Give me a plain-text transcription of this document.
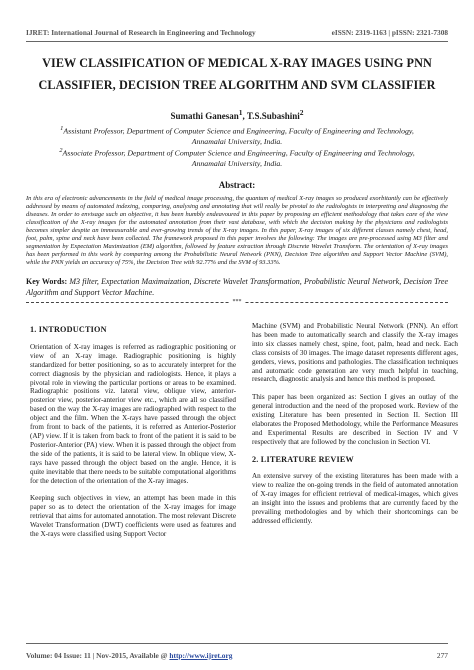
IJRET: International Journal of Research in Engineering and Technology	eISSN: 2319-1163 | pISSN: 2321-7308
VIEW CLASSIFICATION OF MEDICAL X-RAY IMAGES USING PNN
CLASSIFIER, DECISION TREE ALGORITHM AND SVM CLASSIFIER
Sumathi Ganesan$^1$, T.S.Subashini$^2$
$^1$Assistant Professor, Department of Computer Science and Engineering, Faculty of Engineering and Technology,
Annamalai University, India.
$^2$Associate Professor, Department of Computer Science and Engineering, Faculty of Engineering and Technology,
Annamalai University, India.
Abstract:
In this era of electronic advancements in the field of medical image processing, the quantum of medical X-ray images so produced exorbitantly can be effectively addressed by means of automated indexing, comparing, analysing and annotating that will really be pivotal to the radiologists in interpreting and diagnosing the diseases. In order to envisage such an objective, it has been humbly endeavoured in this paper by proposing an efficient methodology that takes care of the view classification of the X-ray images for the automated annotation from their vast database, with which the decision making by the physicians and radiologists becomes simpler despite an immeasurable and ever-growing trends of the X-ray images. In this paper, X-ray images of six different classes namely chest, head, foot, palm, spine and neck have been collected. The framework proposed in this paper involves the following: The images are pre-processed using M3 filter and segmentation by Expectation Maximization (EM) algorithm, followed by feature extraction through Discrete Wavelet Transform. The orientation of X-ray images has been performed in this work by comparing among the Probabilistic Neural Network (PNN), Decision Tree algorithm and Support Vector Machine (SVM), while the PNN yields an accuracy of 75%, the Decision Tree with 92.77% and the SVM of 93.33%.
Key Words: M3 filter, Expectation Maximaization, Discrete Wavelet Transformation, Probabilistic Neural Network, Decision Tree Algorithm and Support Vector Machine.
***
1. INTRODUCTION

Orientation of X-ray images is referred as radiographic positioning or view of an X-ray image. Radiographic positioning is highly standardized for better positioning, so as to accurately interpret for the correct diagnosis by the physician and radiologists. Hence, it plays a pivotal role in viewing the particular portions or areas to be examined. Radiographic positions viz. lateral view, oblique view, anterior-posterior view, posterior-anterior view etc., which are all so classified based on the way the X-ray images are radiographed with respect to the object and the film. When the X-rays have passed through the object from front to back of the patients, it is referred as Anterior-Posterior (AP) view. If it is taken from back to front of the patient it is said to be Posterior-Anterior (PA) view. When it is passed through the object from the side of the patients, it is said to be lateral view. In oblique view, X-rays have passed through the object based on the angle. Hence, it is quite inevitable that there needs to be suitable computational algorithms for the detection of the orientation of the X-ray images.

Keeping such objectives in view, an attempt has been made in this paper so as to detect the orientation of the X-ray images for image retrieval that aims for automated annotation. The most relevant Discrete Wavelet Transformation (DWT) coefficients were used as features and the X-rays were classified using Support Vector

Machine (SVM) and Probabilistic Neural Network (PNN). An effort has been made to automatically search and classify the X-ray images into six classes namely chest, spine, foot, palm, head and neck. Each class consists of 30 images. The image dataset represents different ages, genders, views, positions and pathologies. The classification techniques and automatic code generation are very much helpful in teaching, research, diagnostic analysis and hence this method is proposed.

This paper has been organized as: Section I gives an outlay of the general introduction and the need of the proposed work. Review of the existing Literature has been presented in Section II. Section III elaborates the Proposed Methodology, while the Performance Measures and Experimental Results are described in Section IV and V respectively that are followed by the conclusion in Section VI.

2. LITERATURE REVIEW

An extensive survey of the existing literatures has been made with a view to realize the on-going trends in the field of automated annotation of X-ray images for efficient retrieval of medical-images, which gives an insight into the issues and problems that are currently faced by the prevailing methodologies and by which their shortcomings can be addressed efficiently.

Volume: 04 Issue: 11 | Nov-2015, Available @ http://www.ijret.org	277
